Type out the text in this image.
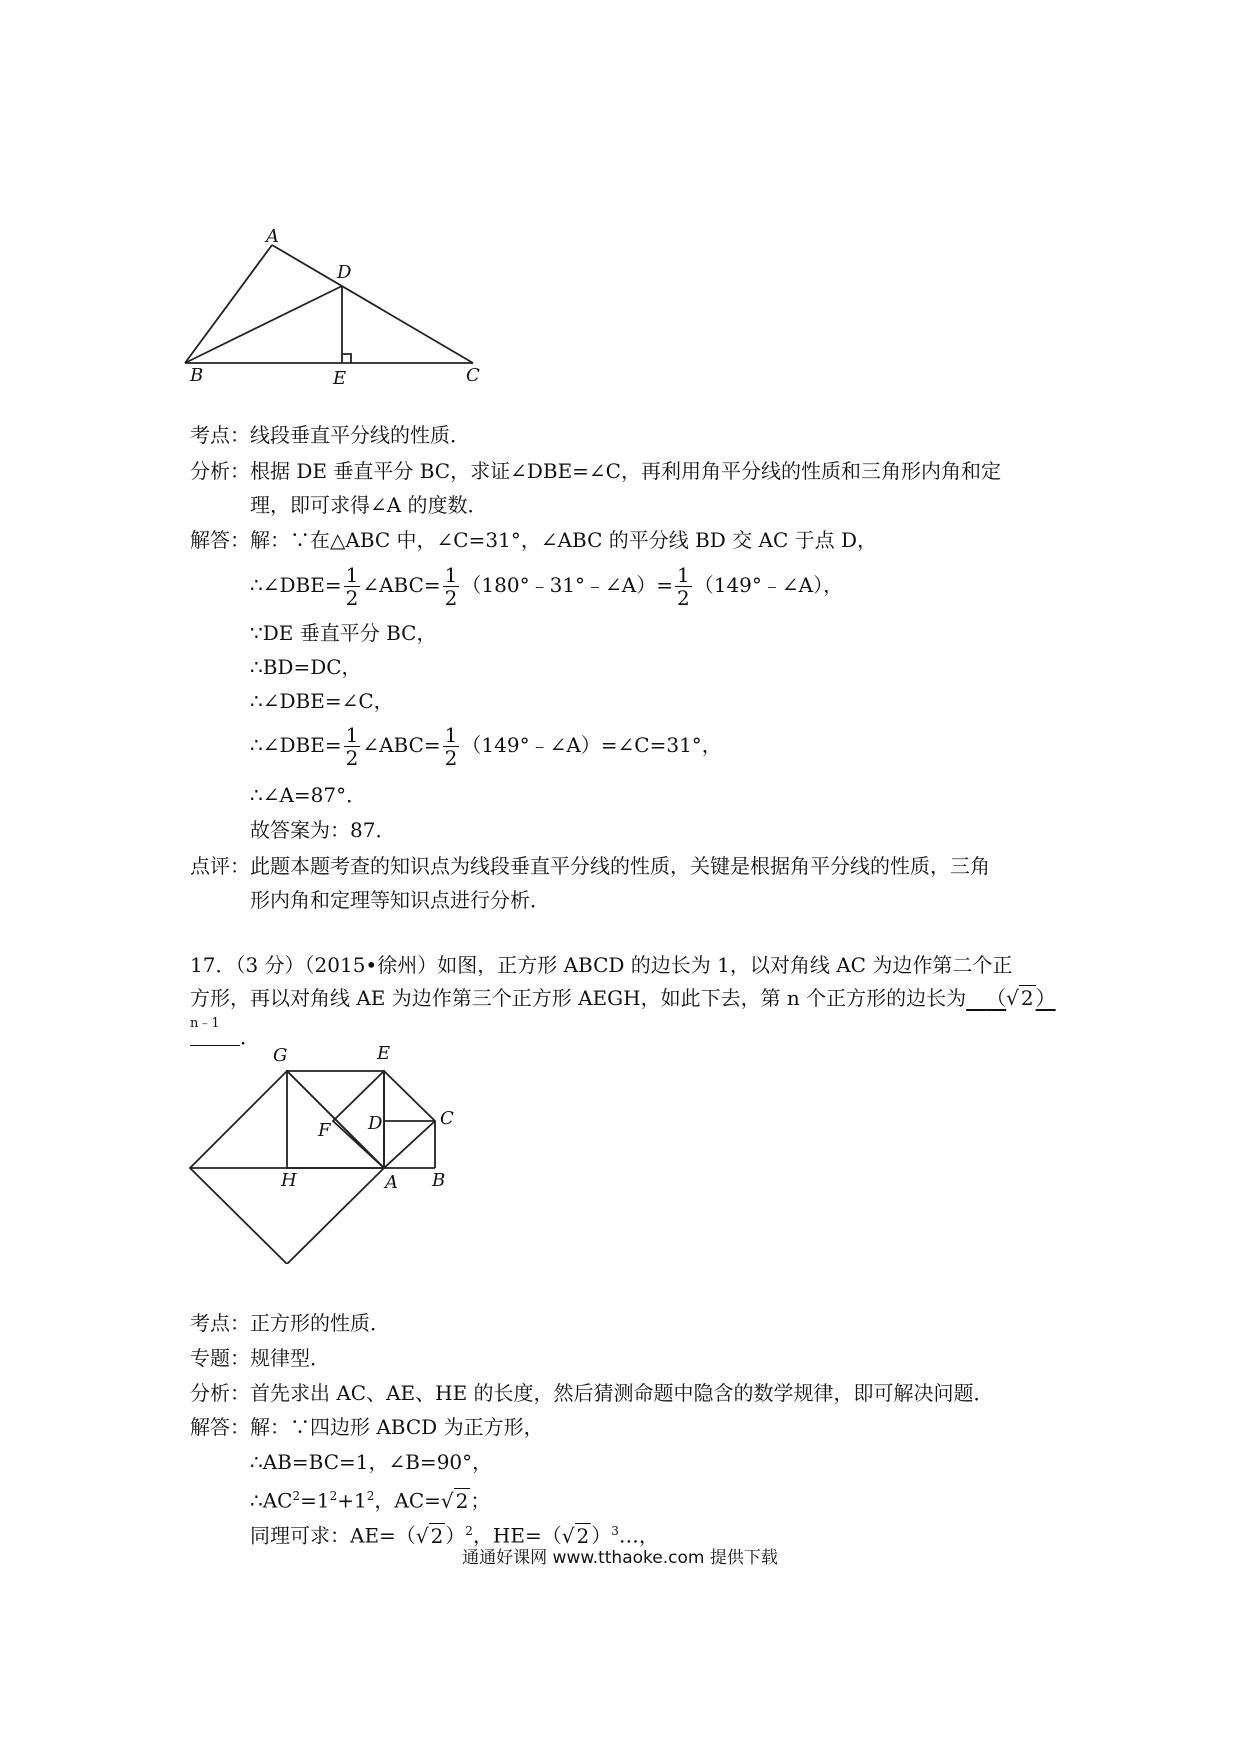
A
D
B	E	C
考点：线段垂直平分线的性质．
分析：根据 DE 垂直平分 BC，求证∠DBE=∠C，再利用角平分线的性质和三角形内角和定
理，即可求得∠A 的度数．
解答：解：∵在△ABC 中，∠C=31°，∠ABC 的平分线 BD 交 AC 于点 D，
∴∠DBE= $\frac{1}{2}$ ∠ABC= $\frac{1}{2}$ （180°﹣31°﹣∠A）= $\frac{1}{2}$ （149°﹣∠A），
∵DE 垂直平分 BC，
∴BD=DC，
∴∠DBE=∠C，
∴∠DBE= $\frac{1}{2}$ ∠ABC= $\frac{1}{2}$ （149°﹣∠A）=∠C=31°，
∴∠A=87°．
故答案为：87．
点评：此题本题考查的知识点为线段垂直平分线的性质，关键是根据角平分线的性质，三角
形内角和定理等知识点进行分析．
17．（3 分）（2015•徐州）如图，正方形 ABCD 的边长为 1，以对角线 AC 为边作第二个正
方形，再以对角线 AE 为边作第三个正方形 AEGH，如此下去，第 n 个正方形的边长为  （√ 2 ）
n﹣1
．
G	E
C
D
F
H	A B
考点：正方形的性质．
专题：规律型．
分析：首先求出 AC、AE、HE 的长度，然后猜测命题中隐含的数学规律，即可解决问题．
解答：解：∵四边形 ABCD 为正方形，
∴AB=BC=1，∠B=90°，
$\therefore AC^2=1^2+1^2$，AC=√ 2 ；
同理可求：AE=（√ 2 ）$^2$，HE=（√ 2 ）$^3$…，
通通好课网 www.tthaoke.com 提供下载
